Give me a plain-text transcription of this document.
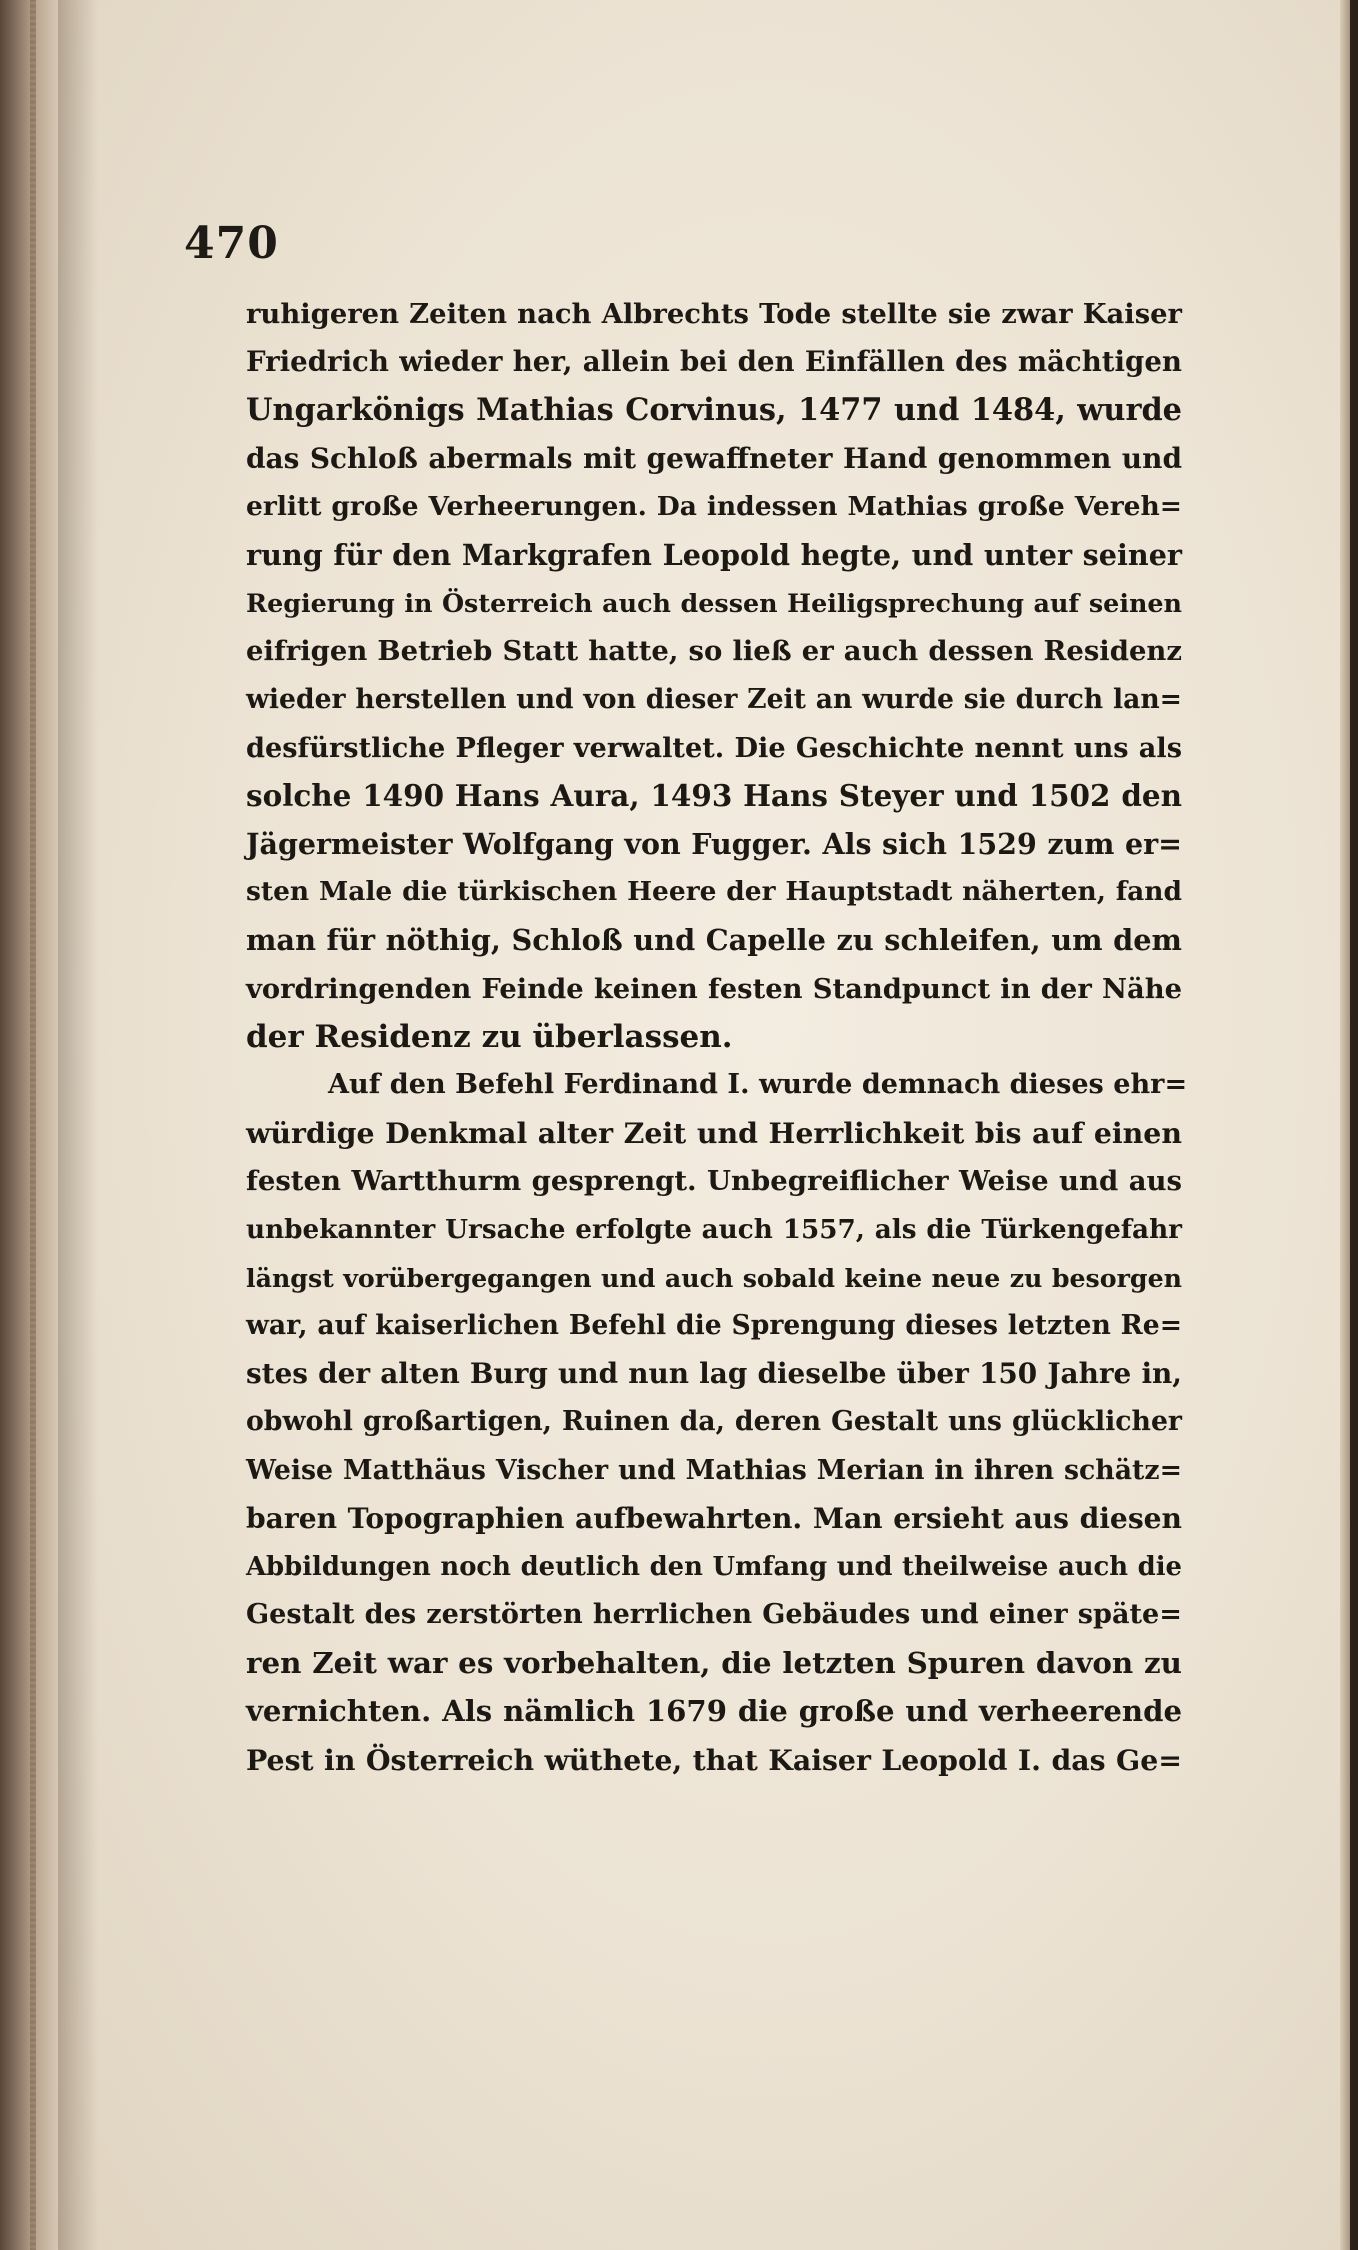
470
ruhigeren Zeiten nach Albrechts Tode stellte sie zwar Kaiser
Friedrich wieder her, allein bei den Einfällen des mächtigen
Ungarkönigs Mathias Corvinus, 1477 und 1484, wurde
das Schloß abermals mit gewaffneter Hand genommen und
erlitt große Verheerungen. Da indessen Mathias große Vereh=
rung für den Markgrafen Leopold hegte, und unter seiner
Regierung in Österreich auch dessen Heiligsprechung auf seinen
eifrigen Betrieb Statt hatte, so ließ er auch dessen Residenz
wieder herstellen und von dieser Zeit an wurde sie durch lan=
desfürstliche Pfleger verwaltet. Die Geschichte nennt uns als
solche 1490 Hans Aura, 1493 Hans Steyer und 1502 den
Jägermeister Wolfgang von Fugger. Als sich 1529 zum er=
sten Male die türkischen Heere der Hauptstadt näherten, fand
man für nöthig, Schloß und Capelle zu schleifen, um dem
vordringenden Feinde keinen festen Standpunct in der Nähe
der Residenz zu überlassen.
Auf den Befehl Ferdinand I. wurde demnach dieses ehr=
würdige Denkmal alter Zeit und Herrlichkeit bis auf einen
festen Wartthurm gesprengt. Unbegreiflicher Weise und aus
unbekannter Ursache erfolgte auch 1557, als die Türkengefahr
längst vorübergegangen und auch sobald keine neue zu besorgen
war, auf kaiserlichen Befehl die Sprengung dieses letzten Re=
stes der alten Burg und nun lag dieselbe über 150 Jahre in,
obwohl großartigen, Ruinen da, deren Gestalt uns glücklicher
Weise Matthäus Vischer und Mathias Merian in ihren schätz=
baren Topographien aufbewahrten. Man ersieht aus diesen
Abbildungen noch deutlich den Umfang und theilweise auch die
Gestalt des zerstörten herrlichen Gebäudes und einer späte=
ren Zeit war es vorbehalten, die letzten Spuren davon zu
vernichten. Als nämlich 1679 die große und verheerende
Pest in Österreich wüthete, that Kaiser Leopold I. das Ge=
